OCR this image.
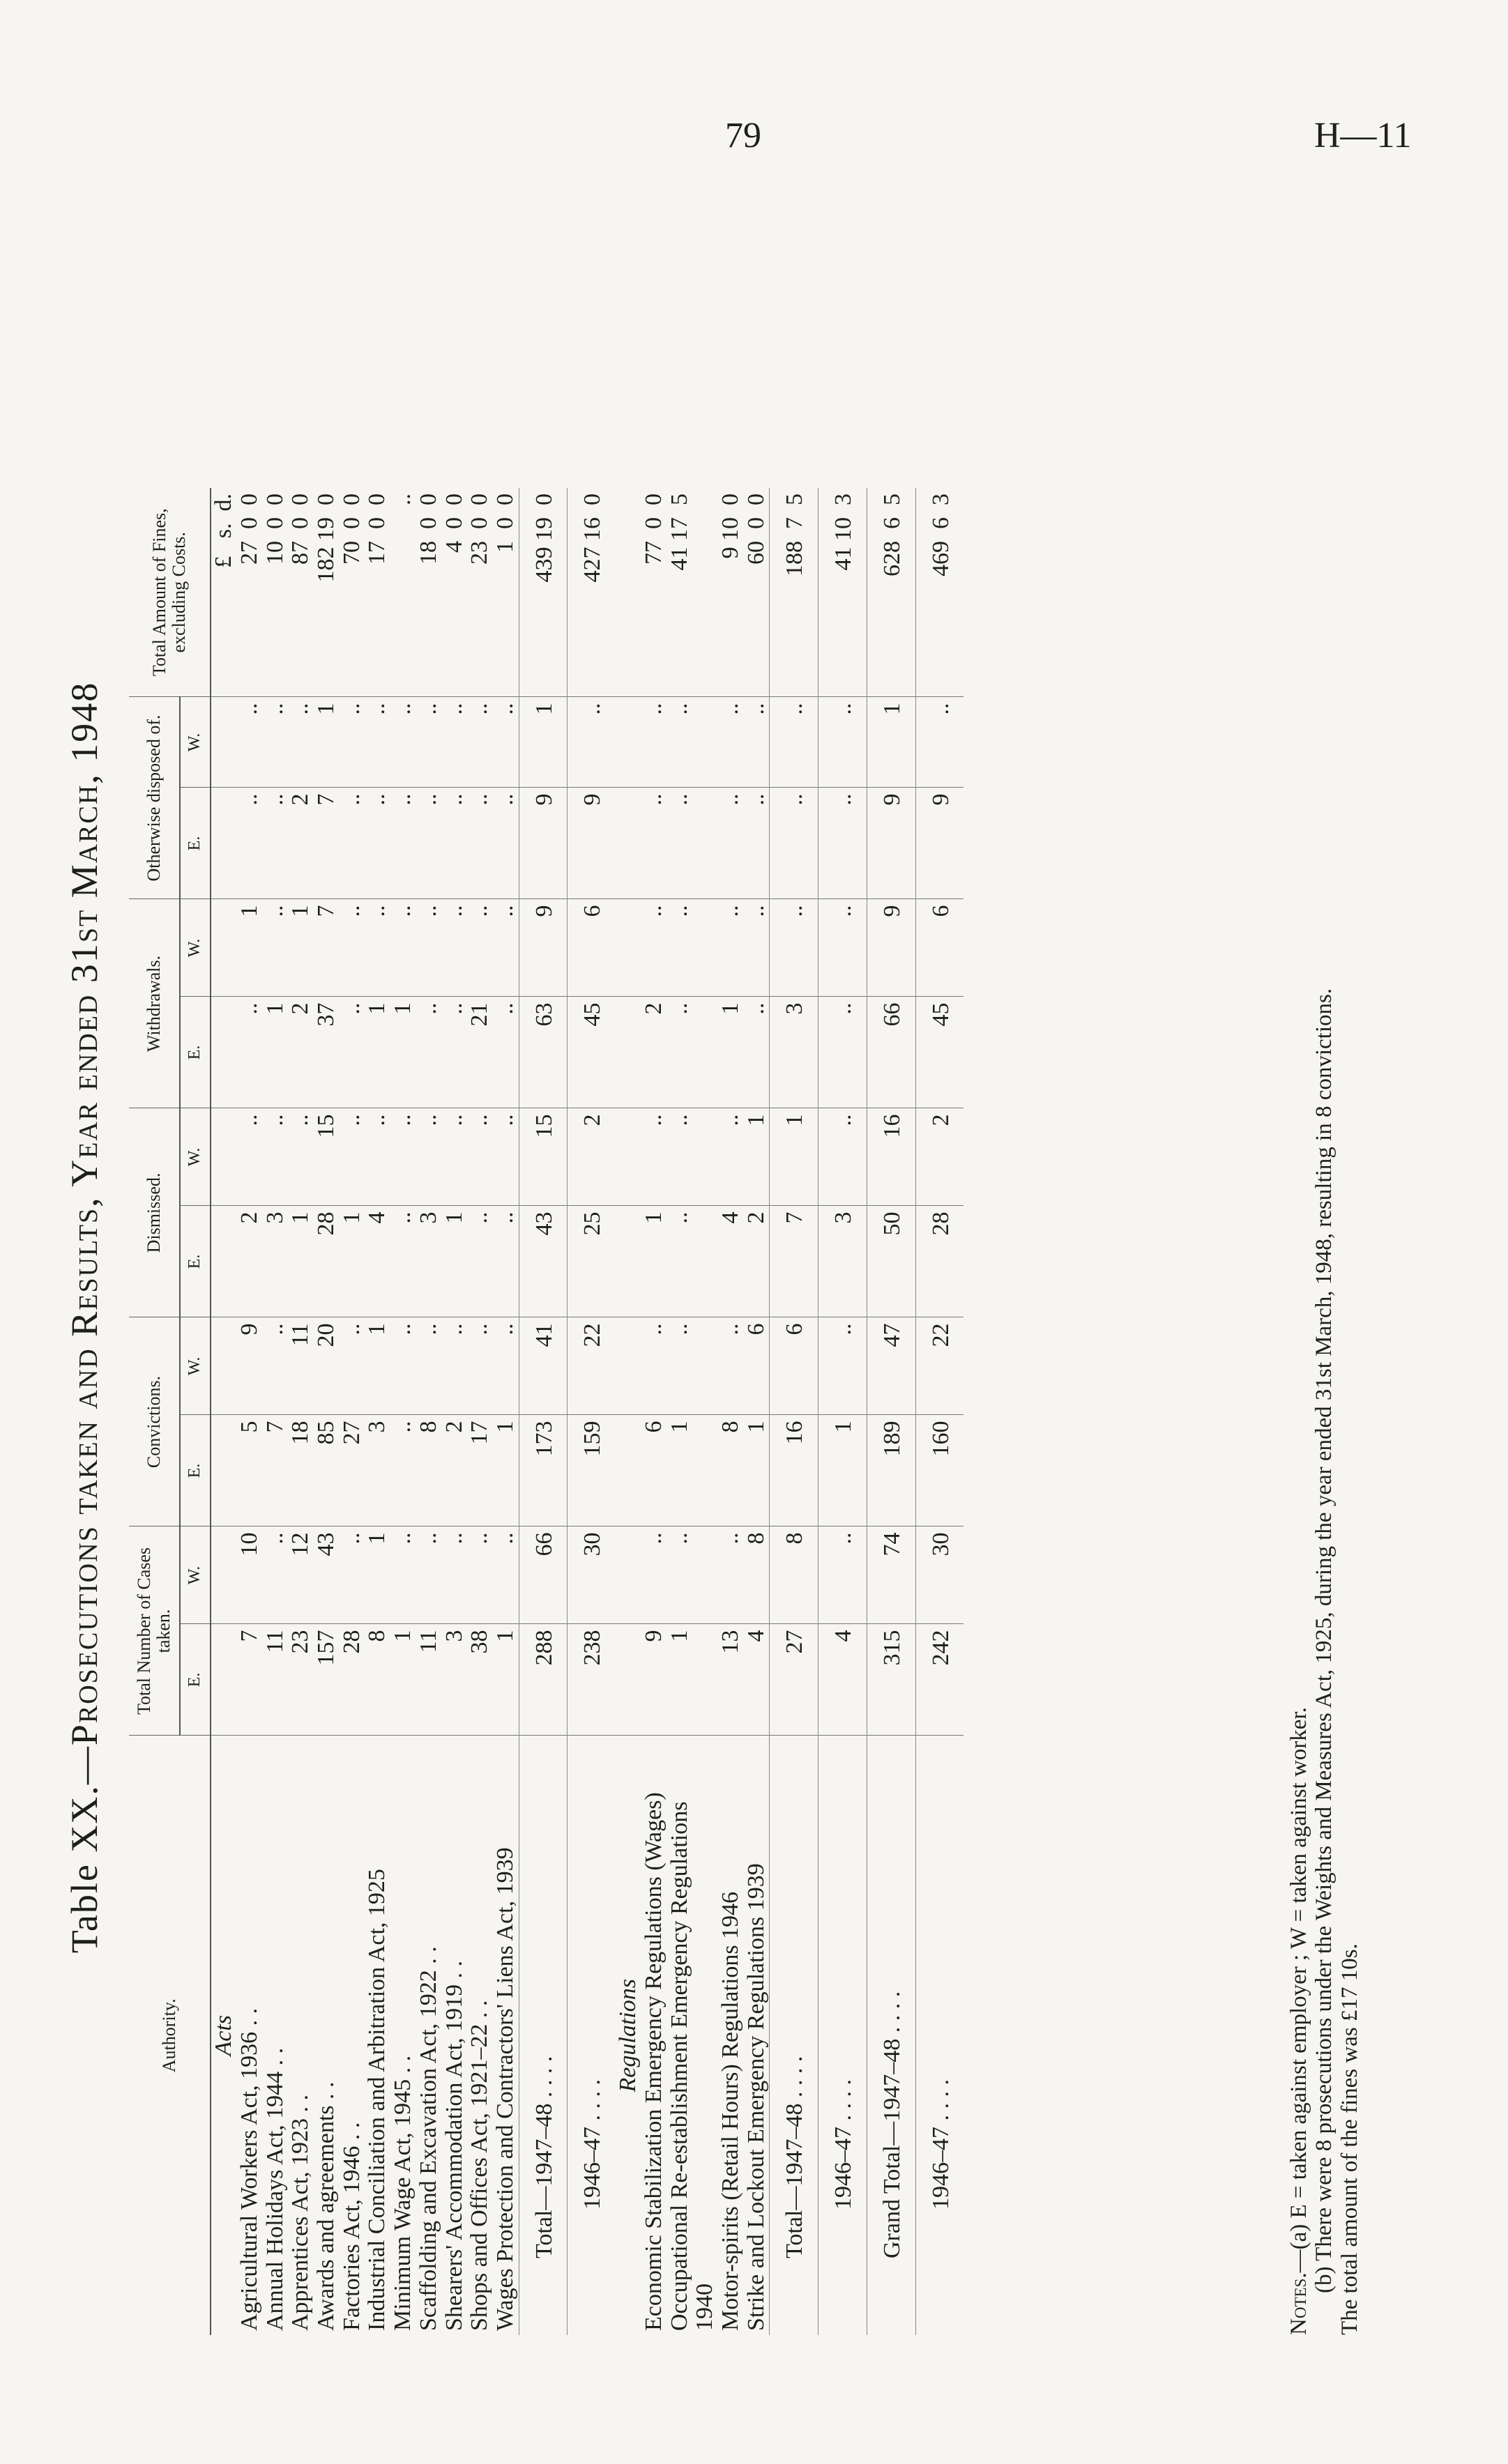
79	H—11
Table XX.—Prosecutions taken and Results, Year ended 31st March, 1948
Authority.	Total Number of Cases taken.		Convictions.		Dismissed.		Withdrawals.		Otherwise disposed of.		Total Amount of Fines, excluding Costs.

	E.	W.	E.	W.	E.	W.	E.	W.	E.	W.	
Acts											£   s.  d.
Agricultural Workers Act, 1936 . .	7	10	5	9	2	..	..	1	..	..	27  0  0
Annual Holidays Act, 1944 . .	11	..	7	..	3	..	1	..	..	..	10  0  0
Apprentices Act, 1923 . .	23	12	18	11	1	..	2	1	2	..	87  0  0
Awards and agreements . .	157	43	85	20	28	15	37	7	7	1	182 19  0
Factories Act, 1946 . .	28	..	27	..	1	..	..	..	..	..	70  0  0
Industrial Conciliation and Arbitration Act, 1925	8	1	3	1	4	..	1	..	..	..	17  0  0
Minimum Wage Act, 1945 . .	1	..	..	..	..	..	1	..	..	..	..
Scaffolding and Excavation Act, 1922 . .	11	..	8	..	3	..	..	..	..	..	18  0  0
Shearers' Accommodation Act, 1919 . .	3	..	2	..	1	..	..	..	..	..	4  0  0
Shops and Offices Act, 1921–22 . .	38	..	17	..	..	..	21	..	..	..	23  0  0
Wages Protection and Contractors' Liens Act, 1939	1	..	1	..	..	..	..	..	..	..	1  0  0
Total—1947–48 . . . .	288	66	173	41	43	15	63	9	9	1	439 19  0
1946–47 . . . .	238	30	159	22	25	2	45	6	9	..	427 16  0
Regulations											
Economic Stabilization Emergency Regulations (Wages)	9	..	6	..	1	..	2	..	..	..	77  0  0
Occupational Re-establishment Emergency Regulations
1940	1	..	1	..	..	..	..	..	..	..	41 17  5
Motor-spirits (Retail Hours) Regulations 1946	13	..	8	..	4	..	1	..	..	..	9 10  0
Strike and Lockout Emergency Regulations 1939	4	8	1	6	2	1	..	..	..	..	60  0  0
Total—1947–48 . . . .	27	8	16	6	7	1	3	..	..	..	188  7  5
1946–47 . . . .	4	..	1	..	3	..	..	..	..	..	41 10  3
Grand Total—1947–48 . . . .	315	74	189	47	50	16	66	9	9	1	628  6  5
1946–47 . . . .	242	30	160	22	28	2	45	6	9	..	469  6  3
Notes.—(a) E = taken against employer ; W = taken against worker. (b) There were 8 prosecutions under the Weights and Measures Act, 1925, during the year ended 31st March, 1948, resulting in 8 convictions. The total amount of the fines was £17 10s.
